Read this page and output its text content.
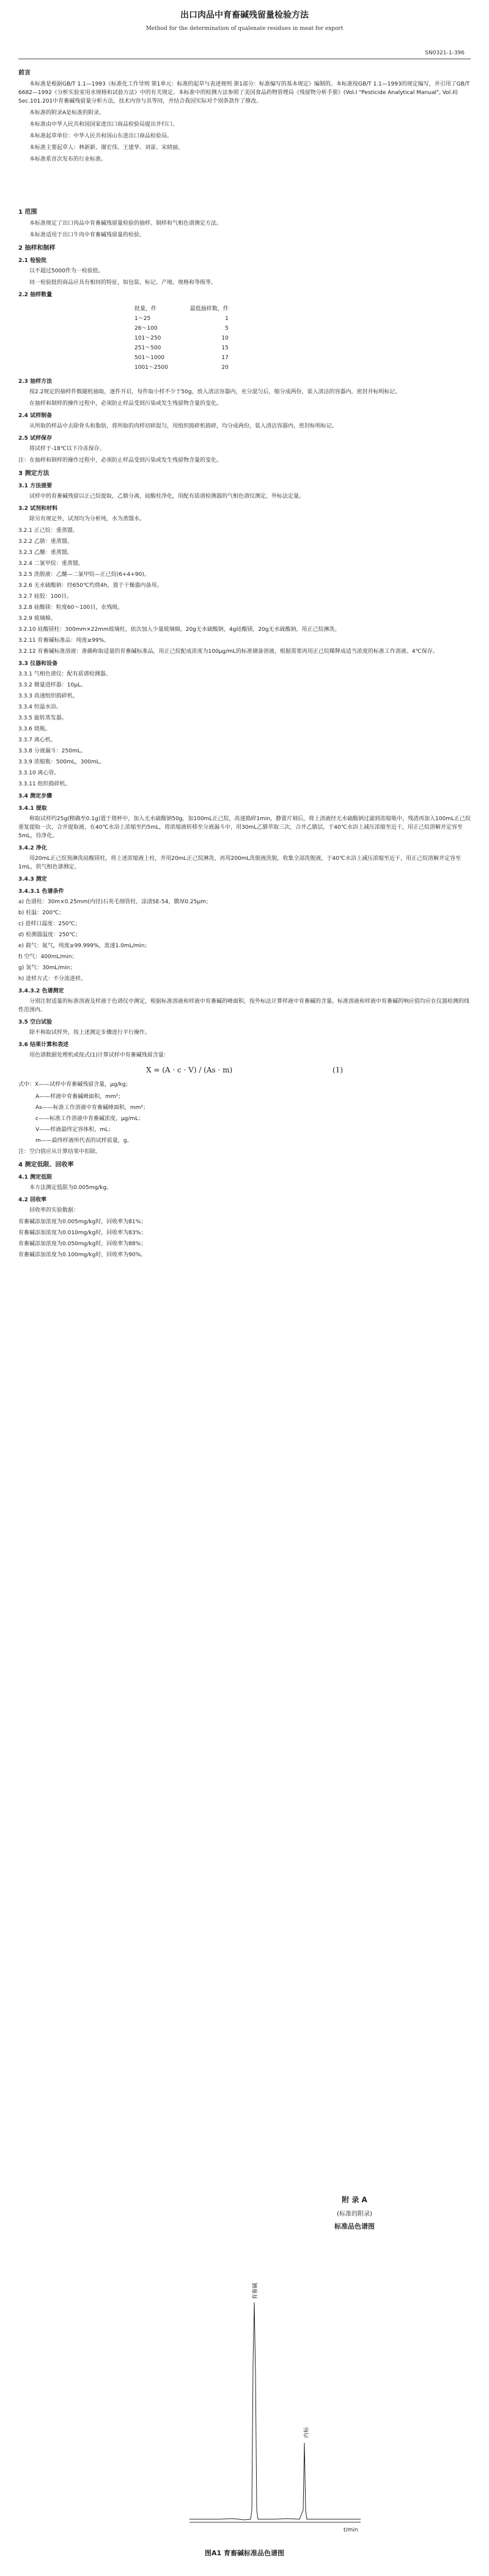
出口肉品中育畜碱残留量检验方法
Method for the determination of qualenate residues in meat for export
SN0321-1-396
前言
本标准是根据GB/T 1.1—1993《标准化工作导则 第1单元：标准的起草与表述规则 第1部分：标准编写的基本规定》编制的。本标准按GB/T 1.1—1993的规定编写，并引用了GB/T 6682—1992《分析实验室用水规格和试验方法》中的有关规定。本标准中的检测方法参照了美国食品药物管理局《残留物分析手册》(Vol.I "Pesticide Analytical Manual", Vol.II) Sec.101.201中育畜碱残留量分析方法，技术内容与其等同，并结合我国实际对个别条款作了修改。
本标准的附录A是标准的附录。
本标准由中华人民共和国国家进出口商品检验局提出并归口。
本标准起草单位：中华人民共和国山东进出口商品检验局。
本标准主要起草人：林新新、谢宏伟、王建华、刘雷、宋晓丽。
本标准系首次发布的行业标准。
1 范围
本标准规定了出口肉品中育畜碱残留量检验的抽样、制样和气相色谱测定方法。
本标准适用于出口牛肉中育畜碱残留量的检验。
2 抽样和制样
2.1 检验批
以不超过5000件为一检验批。
同一检验批的商品应具有相同的特征，如包装、标记、产地、规格和等级等。
2.2 抽样数量
批量，件	最低抽样数，件
1～25	1
26～100	5
101～250	10
251～500	15
501～1000	17
1001～2500	20
2.3 抽样方法
按2.2规定的抽样件数随机抽取，逐件开启，每件取小样不少于50g，放入清洁容器内，充分混匀后，缩分成两份，装入清洁的容器内，密封并标明标记。
在抽样和制样的操作过程中，必须防止样品受到污染或发生残留物含量的变化。
2.4 试样制备
从所取的样品中去除骨头和脂肪，将所取的肉样切碎混匀，用组织捣碎机捣碎，均分成两份，装入清洁容器内，密封标明标记。
2.5 试样保存
将试样于-18℃以下冷冻保存。
注：在抽样和制样的操作过程中，必须防止样品受到污染或发生残留物含量的变化。
3 测定方法
3.1 方法提要
试样中的育畜碱残留以正己烷提取，乙腈分离，硅酸柱净化，用配有质谱检测器的气相色谱仪测定，外标法定量。
3.2 试剂和材料
除另有规定外，试剂均为分析纯，水为蒸馏水。
3.2.1 正己烷：重蒸馏。
3.2.2 乙腈：重蒸馏。
3.2.3 乙醚：重蒸馏。
3.2.4 二氯甲烷：重蒸馏。
3.2.5 洗脱液：乙醚—二氯甲烷—正己烷(6+4+90)。
3.2.6 无水硫酸钠：经650℃灼烧4h，置于干燥器内备用。
3.2.7 硅胶：100目。
3.2.8 硅酸镁：粒度60～100目，农残级。
3.2.9 玻璃棉。
3.2.10 硅酸镁柱：300mm×22mm玻璃柱，依次加入少量玻璃棉，20g无水硫酸钠，4g硅酸镁，20g无水硫酸钠，用正己烷淋洗。
3.2.11 育畜碱标准品：纯度≥99%。
3.2.12 育畜碱标准溶液：准确称取适量的育畜碱标准品，用正己烷配成浓度为100μg/mL的标准储备溶液，根据需要再用正己烷稀释成适当浓度的标准工作溶液。4℃保存。
3.3 仪器和设备
3.3.1 气相色谱仪：配有质谱检测器。
3.3.2 微量进样器：10μL。
3.3.3 高速组织捣碎机。
3.3.4 恒温水浴。
3.3.5 旋转蒸发器。
3.3.6 烧瓶。
3.3.7 离心机。
3.3.8 分液漏斗：250mL。
3.3.9 浓缩瓶：500mL，300mL。
3.3.10 离心管。
3.3.11 组织捣碎机。
3.4 测定步骤
3.4.1 提取
称取试样约25g(精确至0.1g)置于烧杯中，加入无水硫酸钠50g，加100mL正己烷，高速捣碎1min，静置片刻后，将上清液经无水硫酸钠过滤到浓缩瓶中，残渣再加入100mL正己烷重复提取一次，合并提取液，在40℃水浴上浓缩至约5mL，将浓缩液转移至分液漏斗中，用30mL乙腈萃取三次，合并乙腈层，于40℃水浴上减压浓缩至近干，用正己烷溶解并定容至5mL，待净化。
3.4.2 净化
用20mL正己烷预淋洗硅酸镁柱，将上述浓缩液上柱，并用20mL正己烷淋洗，再用200mL洗脱液洗脱，收集全部洗脱液，于40℃水浴上减压浓缩至近干，用正己烷溶解并定容至1mL，供气相色谱测定。
3.4.3 测定
3.4.3.1 色谱条件
a) 色谱柱：30m×0.25mm(内径)石英毛细管柱，涂渍SE-54，膜厚0.25μm；
b) 柱温：200℃；
c) 进样口温度：250℃；
d) 检测器温度：250℃；
e) 载气：氦气，纯度≥99.999%，流速1.0mL/min；
f) 空气：400mL/min；
g) 氢气：30mL/min；
h) 进样方式：不分流进样。
3.4.3.2 色谱测定
分别注射适量的标准溶液及样液于色谱仪中测定，根据标准溶液和样液中育畜碱的峰面积，按外标法计算样液中育畜碱的含量。标准溶液和样液中育畜碱的响应值均应在仪器检测的线性范围内。
3.5 空白试验
除不称取试样外，按上述测定步骤进行平行操作。
3.6 结果计算和表述
用色谱数据处理机或按式(1)计算试样中育畜碱残留含量：
X = (A · c · V) / (As · m)	(1)
式中：X——试样中育畜碱残留含量，μg/kg；
A——样液中育畜碱峰面积，mm²；
As——标准工作溶液中育畜碱峰面积，mm²；
c——标准工作溶液中育畜碱浓度，μg/mL；
V——样液最终定容体积，mL；
m——最终样液所代表的试样质量，g。
注：空白值应从计算结果中扣除。
4 测定低限、回收率
4.1 测定低限
本方法测定低限为0.005mg/kg。
4.2 回收率
回收率的实验数据：
育畜碱添加浓度为0.005mg/kg时，回收率为81%；
育畜碱添加浓度为0.010mg/kg时，回收率为83%；
育畜碱添加浓度为0.050mg/kg时，回收率为88%；
育畜碱添加浓度为0.100mg/kg时，回收率为90%。
附 录 A
(标准的附录)
标准品色谱图
育畜碱
内标
t/min
图A1 育畜碱标准品色谱图
